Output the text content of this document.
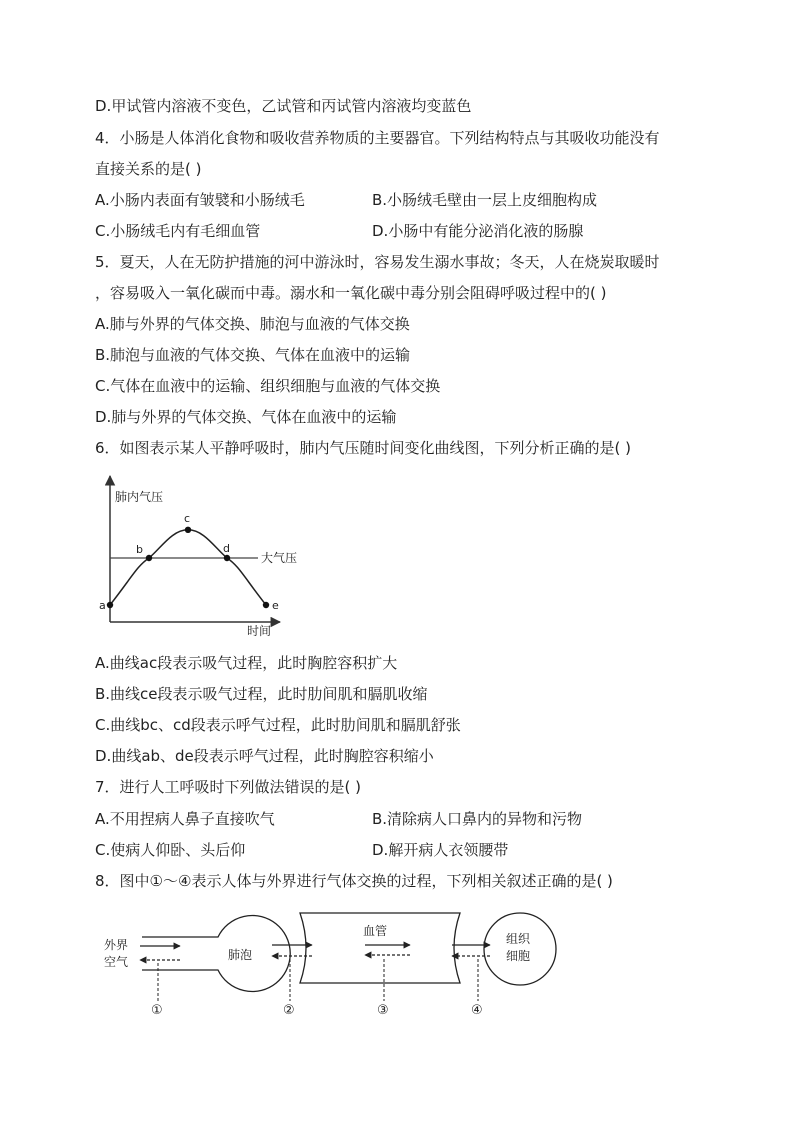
D.甲试管内溶液不变色，乙试管和丙试管内溶液均变蓝色
4．小肠是人体消化食物和吸收营养物质的主要器官。下列结构特点与其吸收功能没有
直接关系的是( )
A.小肠内表面有皱襞和小肠绒毛	B.小肠绒毛壁由一层上皮细胞构成
C.小肠绒毛内有毛细血管	D.小肠中有能分泌消化液的肠腺
5．夏天，人在无防护措施的河中游泳时，容易发生溺水事故；冬天，人在烧炭取暖时
，容易吸入一氧化碳而中毒。溺水和一氧化碳中毒分别会阻碍呼吸过程中的( )
A.肺与外界的气体交换、肺泡与血液的气体交换
B.肺泡与血液的气体交换、气体在血液中的运输
C.气体在血液中的运输、组织细胞与血液的气体交换
D.肺与外界的气体交换、气体在血液中的运输
6．如图表示某人平静呼吸时，肺内气压随时间变化曲线图，下列分析正确的是( )
肺内气压
时间
大气压
a
b
c
d
e
A.曲线ac段表示吸气过程，此时胸腔容积扩大
B.曲线ce段表示吸气过程，此时肋间肌和膈肌收缩
C.曲线bc、cd段表示呼气过程，此时肋间肌和膈肌舒张
D.曲线ab、de段表示呼气过程，此时胸腔容积缩小
7．进行人工呼吸时下列做法错误的是( )
A.不用捏病人鼻子直接吹气	B.清除病人口鼻内的异物和污物
C.使病人仰卧、头后仰	D.解开病人衣领腰带
8．图中①～④表示人体与外界进行气体交换的过程，下列相关叙述正确的是( )
外界
空气	肺泡
血管
组织
细胞
①	②	③	④
